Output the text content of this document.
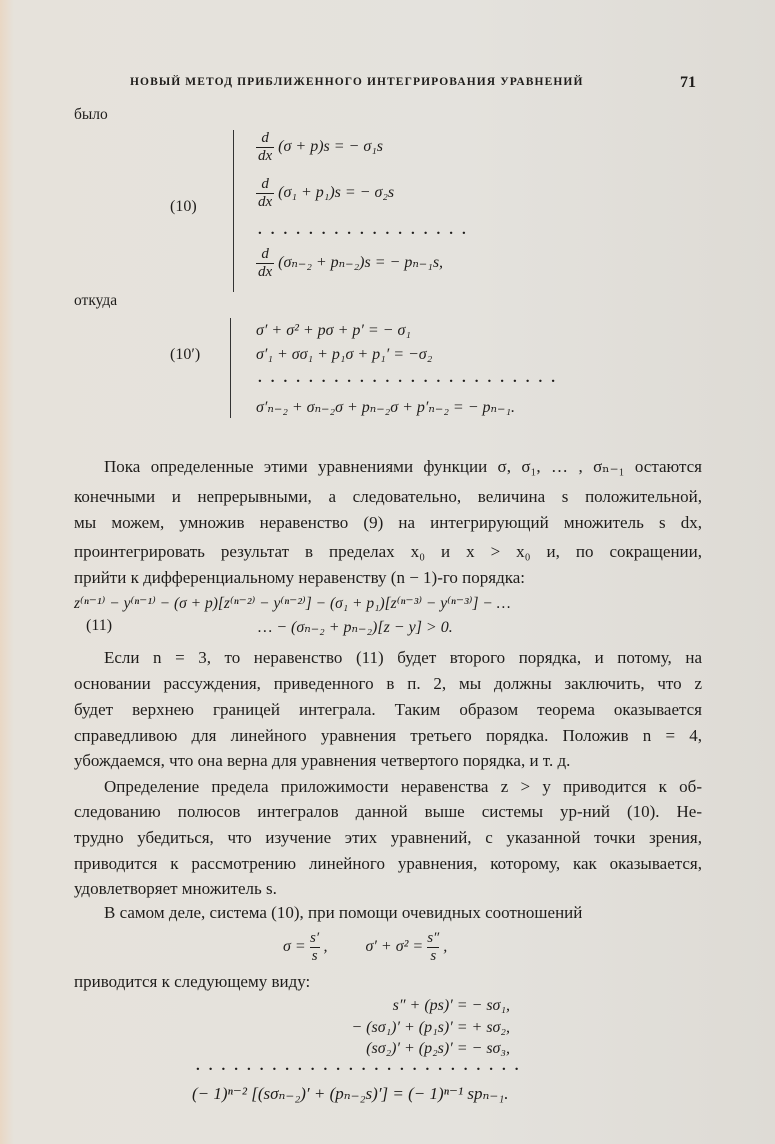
НОВЫЙ МЕТОД ПРИБЛИЖЕННОГО ИНТЕГРИРОВАНИЯ УРАВНЕНИЙ	71
было
(10)
$\frac{d}{dx} (\sigma + p)s$ = − σ₁s
$\frac{d}{dx} (\sigma_1 + p_1)s$ = − σ₂s
.................
$\frac{d}{dx} (\sigma_{n-2} + p_{n-2})s$ = − pₙ₋₁s,
откуда
(10′)
σ′ + σ² + pσ + p′ = − σ₁
σ′₁ + σσ₁ + p₁σ + p₁′ = −σ₂
........................
σ′ₙ₋₂ + σₙ₋₂σ + pₙ₋₂σ + p′ₙ₋₂ = − pₙ₋₁.
Пока определенные этими уравнениями функции σ, σ₁, … , σₙ₋₁ остаются
конечными и непрерывными, а следовательно, величина s положительной,
мы можем, умножив неравенство (9) на интегрирующий множитель s dx,
проинтегрировать результат в пределах x₀ и x > x₀ и, по сокращении,
прийти к дифференциальному неравенству (n − 1)-го порядка:
z⁽ⁿ⁻¹⁾ − y⁽ⁿ⁻¹⁾ − (σ + p)[z⁽ⁿ⁻²⁾ − y⁽ⁿ⁻²⁾] − (σ₁ + p₁)[z⁽ⁿ⁻³⁾ − y⁽ⁿ⁻³⁾] − …
(11)	… − (σₙ₋₂ + pₙ₋₂)[z − y] > 0.
Если n = 3, то неравенство (11) будет второго порядка, и потому, на
основании рассуждения, приведенного в п. 2, мы должны заключить, что z
будет верхнею границей интеграла. Таким образом теорема оказывается
справедливою для линейного уравнения третьего порядка. Положив n = 4,
убождаемся, что она верна для уравнения четвертого порядка, и т. д.
Определение предела приложимости неравенства z > y приводится к об-
следованию полюсов интегралов данной выше системы ур-ний (10). Не-
трудно убедиться, что изучение этих уравнений, с указанной точки зрения,
приводится к рассмотрению линейного уравнения, которому, как оказывается,
удовлетворяет множитель s.
В самом деле, система (10), при помощи очевидных соотношений
$\sigma = \frac{s'}{s}$ , $\sigma' + \sigma^2 = \frac{s''}{s}$ ,
приводится к следующему виду:
s″ + (ps)′ = − sσ₁,
− (sσ₁)′ + (p₁s)′ = + sσ₂,
(sσ₂)′ + (p₂s)′ = − sσ₃,
..........................
(− 1)ⁿ⁻² [(sσₙ₋₂)′ + (pₙ₋₂s)′] = (− 1)ⁿ⁻¹ spₙ₋₁.
